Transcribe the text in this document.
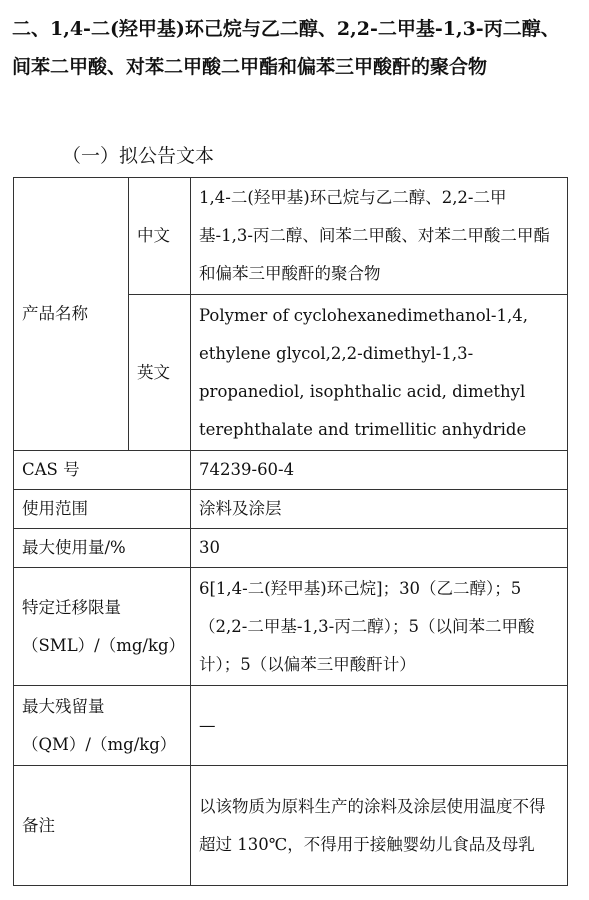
二、1,4-二(羟甲基)环己烷与乙二醇、2,2-二甲基-1,3-丙二醇、间苯二甲酸、对苯二甲酸二甲酯和偏苯三甲酸酐的聚合物
（一）拟公告文本
产品名称	中文	1,4-二(羟甲基)环己烷与乙二醇、2,2-二甲基-1,3-丙二醇、间苯二甲酸、对苯二甲酸二甲酯和偏苯三甲酸酐的聚合物
	英文	Polymer of cyclohexanedimethanol-1,4, ethylene glycol,2,2-dimethyl-1,3-propanediol, isophthalic acid, dimethyl terephthalate and trimellitic anhydride
CAS 号		74239-60-4
使用范围		涂料及涂层
最大使用量/%		30

特定迁移限量
（SML）/（mg/kg）		6[1,4-二(羟甲基)环己烷]；30（乙二醇）；5（2,2-二甲基-1,3-丙二醇）；5（以间苯二甲酸计）；5（以偏苯三甲酸酐计）

最大残留量
（QM）/（mg/kg）		—
备注		以该物质为原料生产的涂料及涂层使用温度不得超过 130℃，不得用于接触婴幼儿食品及母乳
